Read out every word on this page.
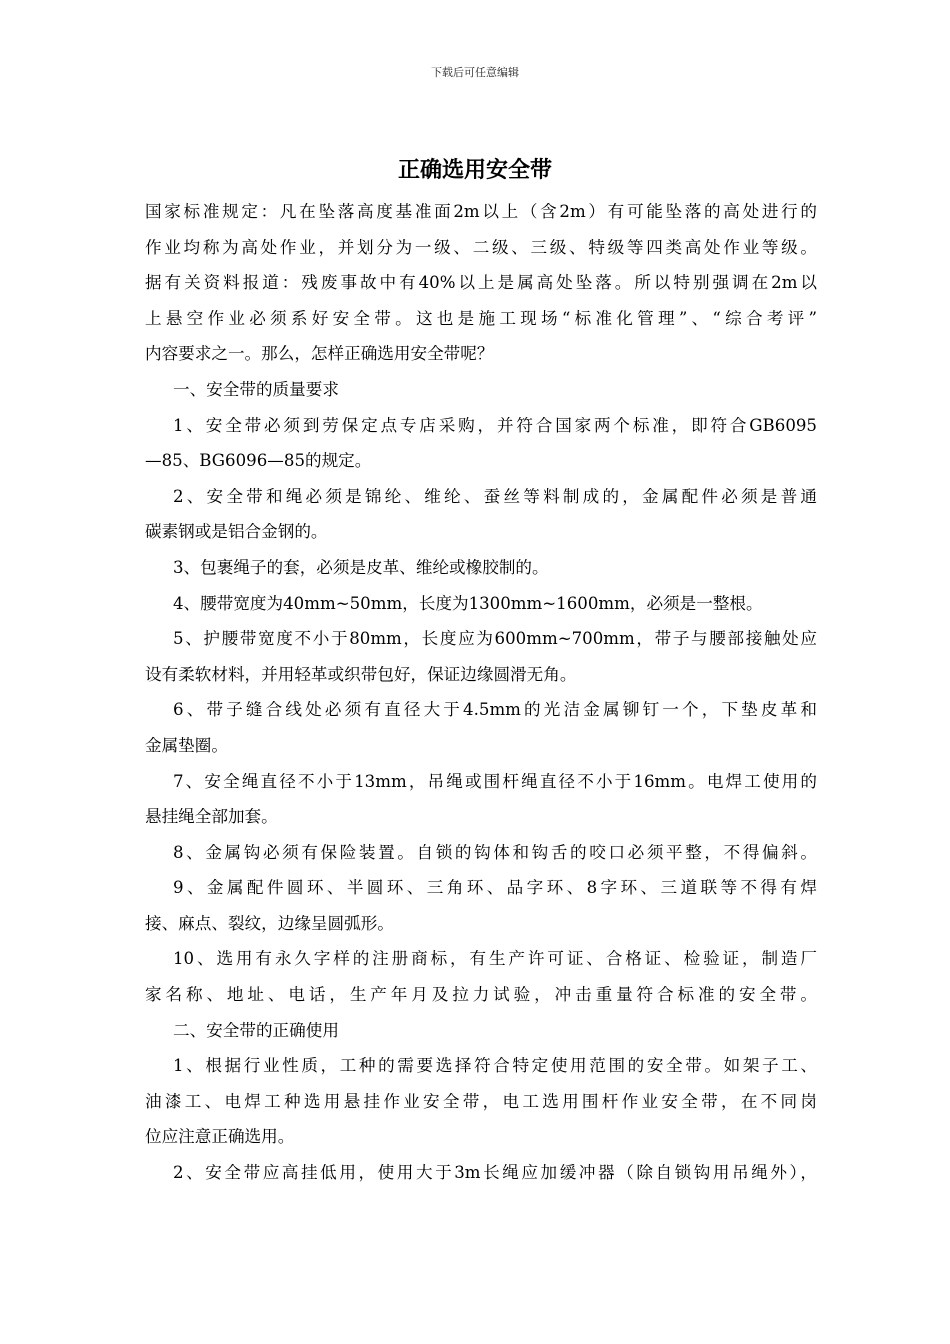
下载后可任意编辑
正确选用安全带
国家标准规定：凡在坠落高度基准面2m以上（含2m）有可能坠落的高处进行的
作业均称为高处作业，并划分为一级、二级、三级、特级等四类高处作业等级。
据有关资料报道：残废事故中有40%以上是属高处坠落。所以特别强调在2m以
上悬空作业必须系好安全带。这也是施工现场“标准化管理”、“综合考评”
内容要求之一。那么，怎样正确选用安全带呢？
一、安全带的质量要求
1、安全带必须到劳保定点专店采购，并符合国家两个标准，即符合GB6095
—85、BG6096—85的规定。
2、安全带和绳必须是锦纶、维纶、蚕丝等料制成的，金属配件必须是普通
碳素钢或是铝合金钢的。
3、包裹绳子的套，必须是皮革、维纶或橡胶制的。
4、腰带宽度为40mm~50mm，长度为1300mm~1600mm，必须是一整根。
5、护腰带宽度不小于80mm，长度应为600mm~700mm，带子与腰部接触处应
设有柔软材料，并用轻革或织带包好，保证边缘圆滑无角。
6、带子缝合线处必须有直径大于4.5mm的光洁金属铆钉一个，下垫皮革和
金属垫圈。
7、安全绳直径不小于13mm，吊绳或围杆绳直径不小于16mm。电焊工使用的
悬挂绳全部加套。
8、金属钩必须有保险装置。自锁的钩体和钩舌的咬口必须平整，不得偏斜。
9、金属配件圆环、半圆环、三角环、品字环、8字环、三道联等不得有焊
接、麻点、裂纹，边缘呈圆弧形。
10、选用有永久字样的注册商标，有生产许可证、合格证、检验证，制造厂
家名称、地址、电话，生产年月及拉力试验，冲击重量符合标准的安全带。
二、安全带的正确使用
1、根据行业性质，工种的需要选择符合特定使用范围的安全带。如架子工、
油漆工、电焊工种选用悬挂作业安全带，电工选用围杆作业安全带，在不同岗
位应注意正确选用。
2、安全带应高挂低用，使用大于3m长绳应加缓冲器（除自锁钩用吊绳外），
